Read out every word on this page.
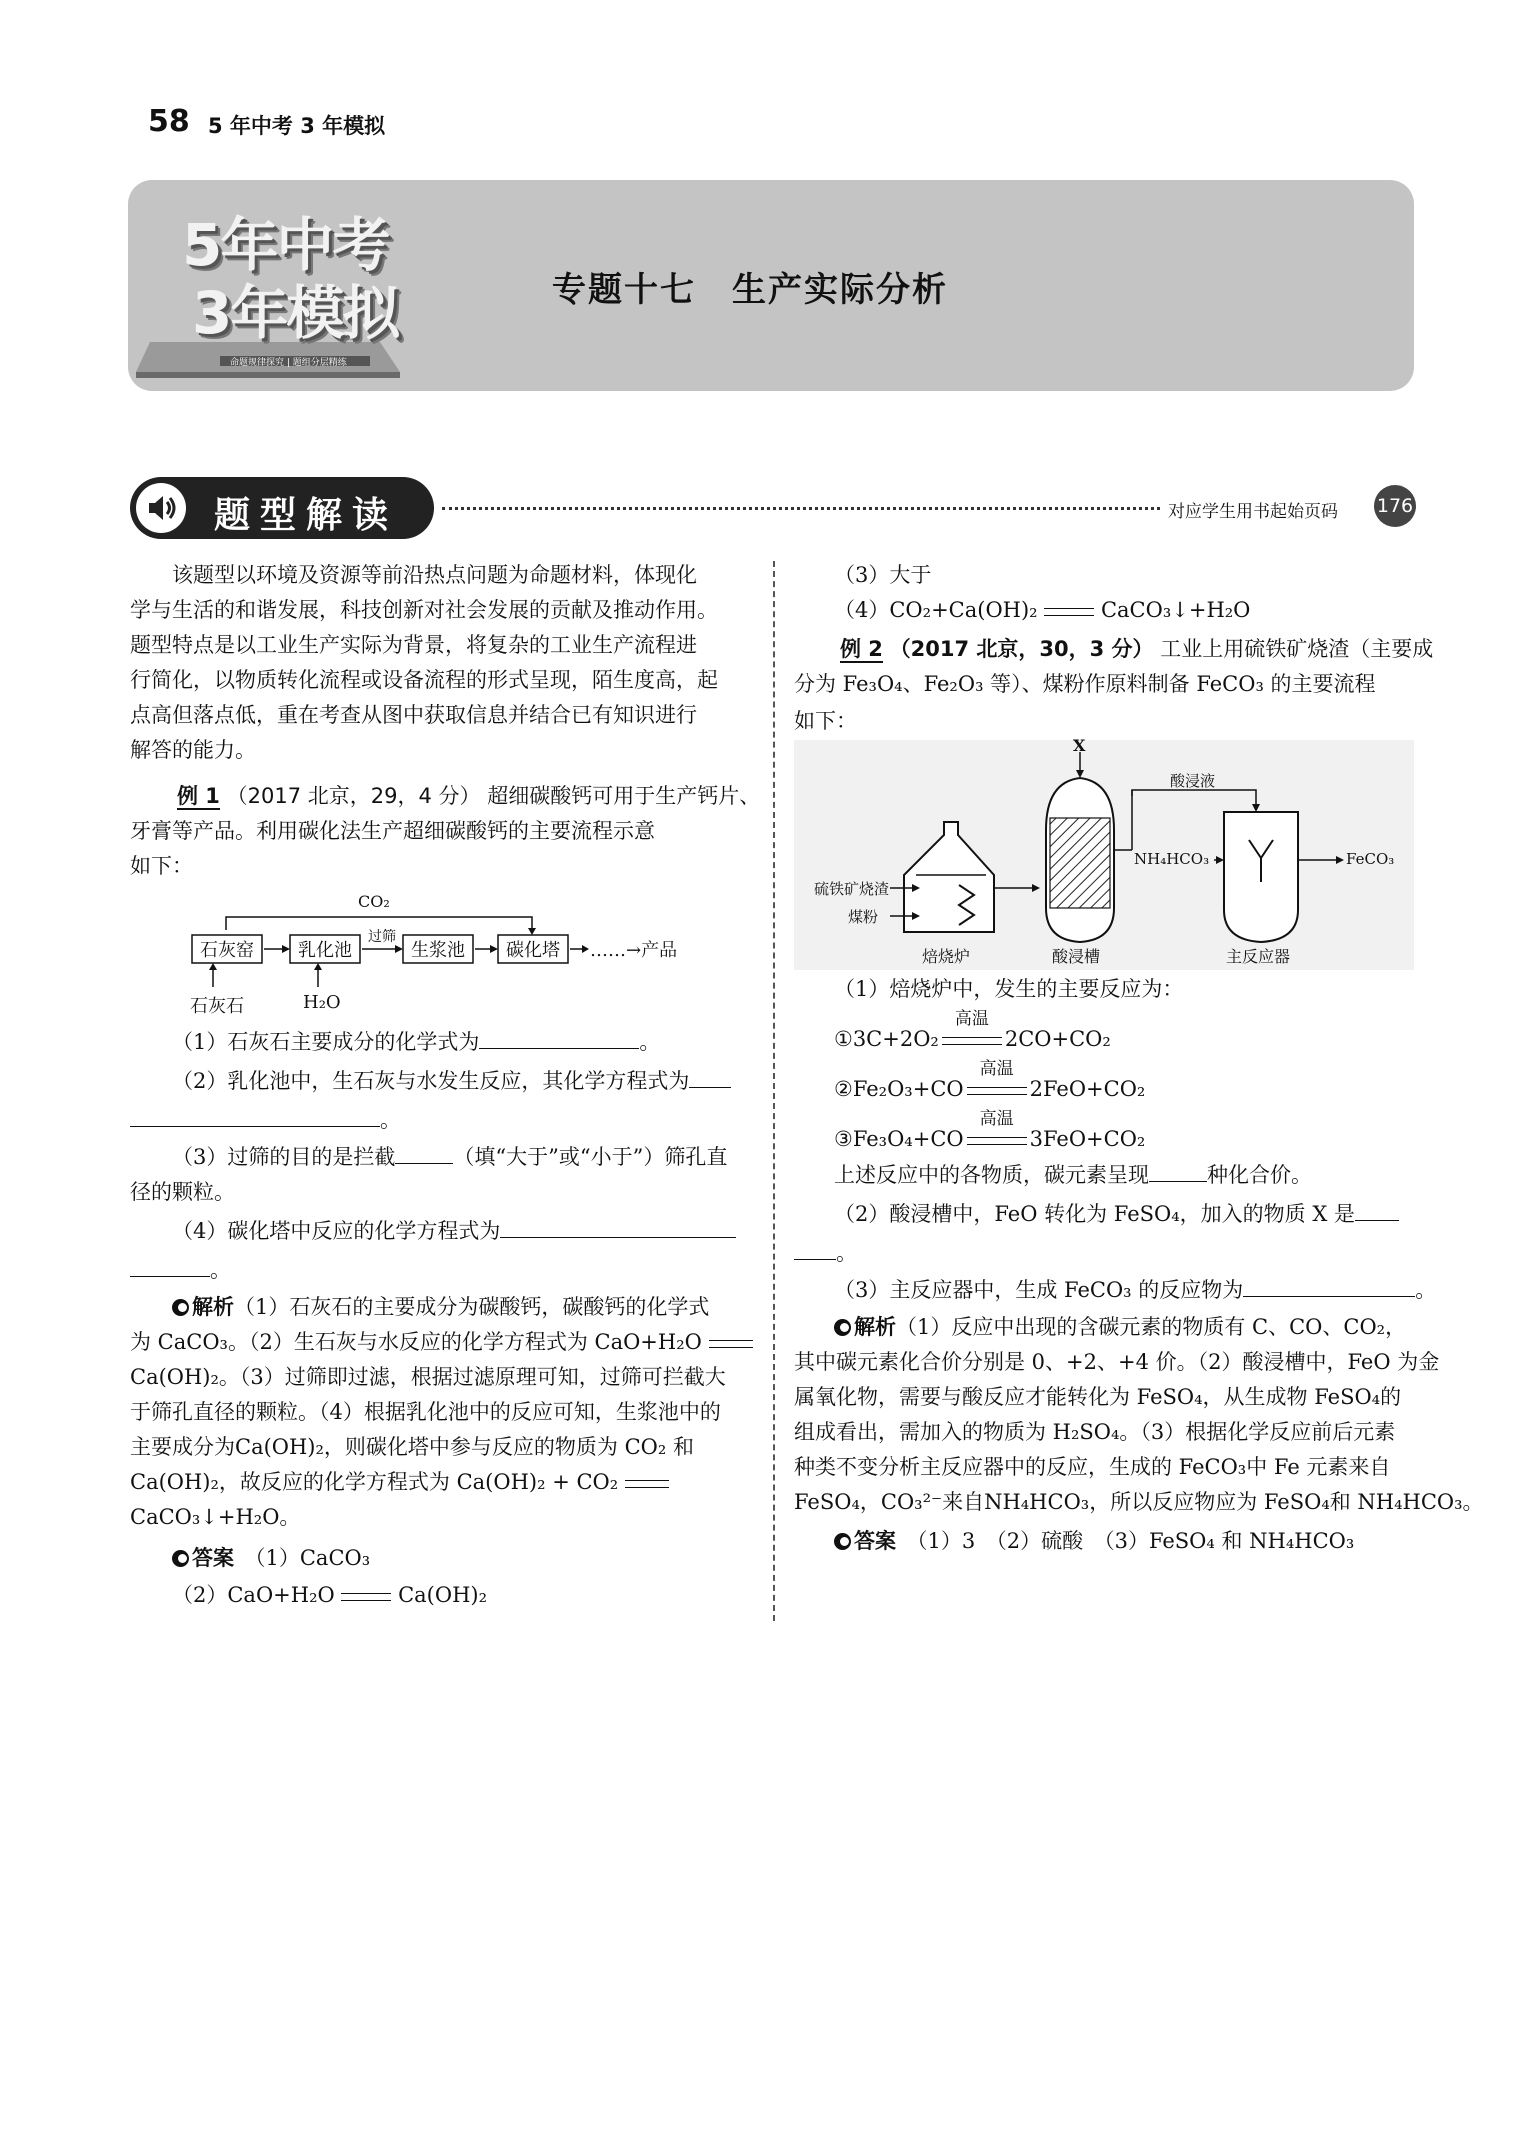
58 5 年中考 3 年模拟
5年中考
3年模拟
命题规律探究 | 题组分层精练
专题十七　生产实际分析
题型解读	对应学生用书起始页码 176
　　该题型以环境及资源等前沿热点问题为命题材料，体现化
学与生活的和谐发展，科技创新对社会发展的贡献及推动作用。
题型特点是以工业生产实际为背景，将复杂的工业生产流程进
行简化，以物质转化流程或设备流程的形式呈现，陌生度高，起
点高但落点低，重在考查从图中获取信息并结合已有知识进行
解答的能力。
例 1 （2017 北京，29，4 分） 超细碳酸钙可用于生产钙片、
牙膏等产品。利用碳化法生产超细碳酸钙的主要流程示意
如下：
CO₂
石灰窑	乳化池
过筛
生浆池	碳化塔	……→产品
石灰石	H₂O
（1）石灰石主要成分的化学式为	。
（2）乳化池中，生石灰与水发生反应，其化学方程式为
。
（3）过筛的目的是拦截	（填“大于”或“小于”）筛孔直
径的颗粒。
（4）碳化塔中反应的化学方程式为
。
解析（1）石灰石的主要成分为碳酸钙，碳酸钙的化学式
为 CaCO₃。（2）生石灰与水反应的化学方程式为 CaO+H₂O
Ca(OH)₂。（3）过筛即过滤，根据过滤原理可知，过筛可拦截大
于筛孔直径的颗粒。（4）根据乳化池中的反应可知，生浆池中的
主要成分为Ca(OH)₂，则碳化塔中参与反应的物质为 CO₂ 和
Ca(OH)₂，故反应的化学方程式为 Ca(OH)₂ + CO₂
CaCO₃↓+H₂O。
答案　 （1）CaCO₃
（2）CaO+H₂O	Ca(OH)₂
（3）大于
（4）CO₂+Ca(OH)₂	CaCO₃↓+H₂O
例 2 （2017 北京，30，3 分） 工业上用硫铁矿烧渣（主要成
分为 Fe₃O₄、Fe₂O₃ 等）、煤粉作原料制备 FeCO₃ 的主要流程
如下：
X
酸浸液
NH₄HCO₃	FeCO₃
硫铁矿烧渣
煤粉
焙烧炉	酸浸槽	主反应器
（1）焙烧炉中，发生的主要反应为：
①3C+2O₂
高温
2CO+CO₂
②Fe₂O₃+CO
高温
2FeO+CO₂
③Fe₃O₄+CO
高温
3FeO+CO₂
上述反应中的各物质，碳元素呈现	种化合价。
（2）酸浸槽中，FeO 转化为 FeSO₄，加入的物质 X 是
。
（3）主反应器中，生成 FeCO₃ 的反应物为	。
解析（1）反应中出现的含碳元素的物质有 C、CO、CO₂，
其中碳元素化合价分别是 0、+2、+4 价。（2）酸浸槽中，FeO 为金
属氧化物，需要与酸反应才能转化为 FeSO₄，从生成物 FeSO₄的
组成看出，需加入的物质为 H₂SO₄。（3）根据化学反应前后元素
种类不变分析主反应器中的反应，生成的 FeCO₃中 Fe 元素来自
FeSO₄，CO₃²⁻来自NH₄HCO₃，所以反应物应为 FeSO₄和 NH₄HCO₃。
答案　 （1）3　（2）硫酸　（3）FeSO₄ 和 NH₄HCO₃
